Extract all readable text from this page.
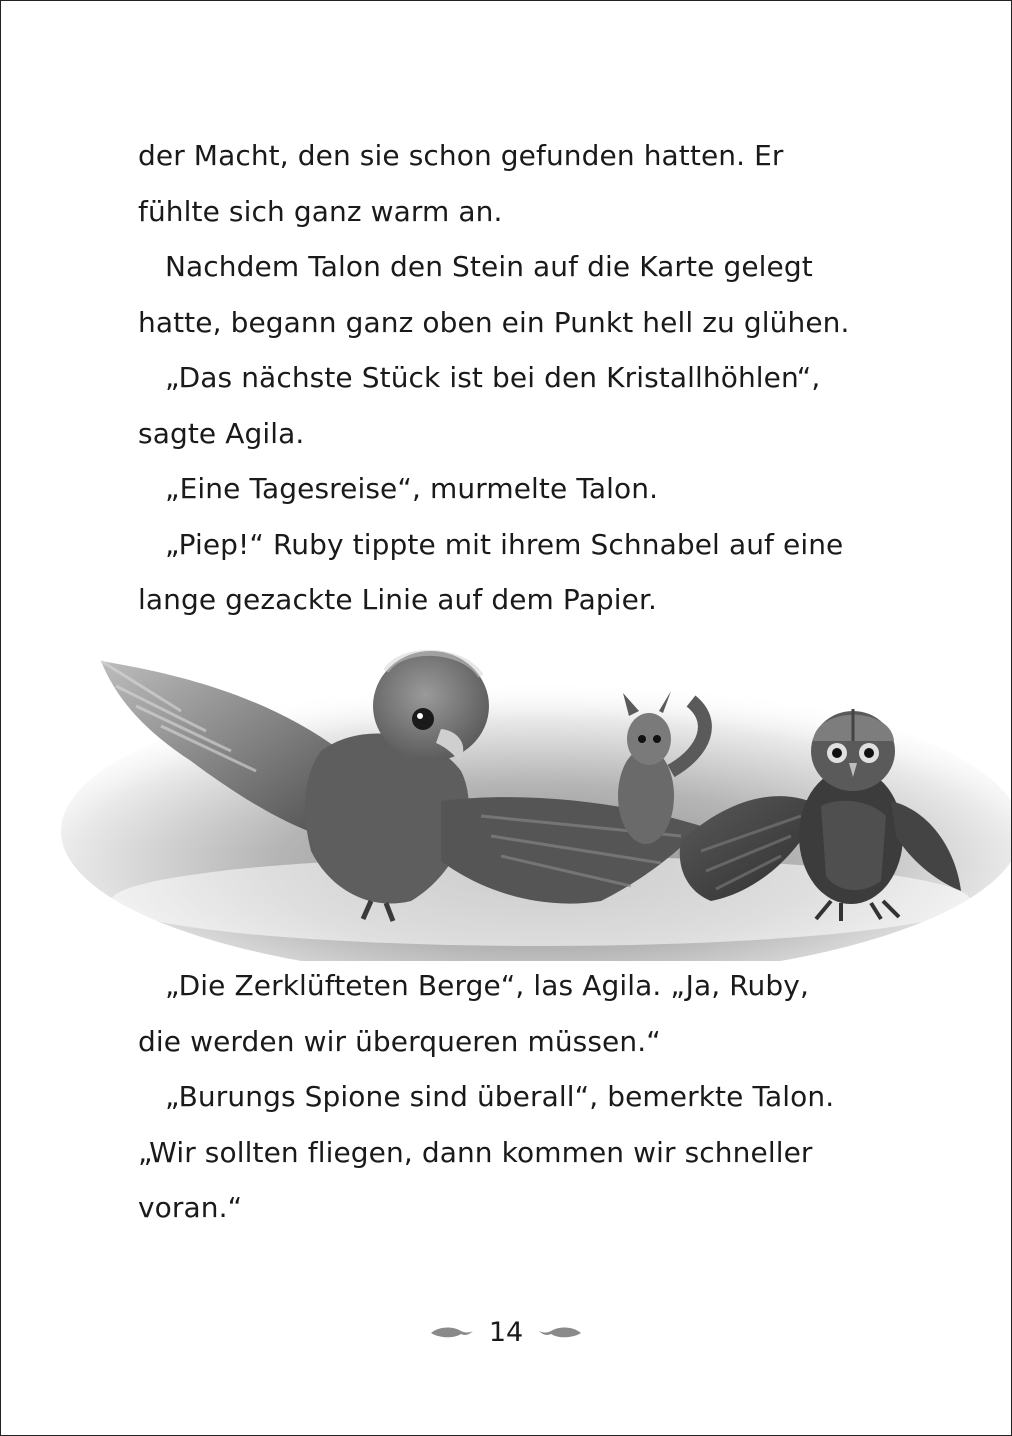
der Macht, den sie schon gefunden hatten. Er
fühlte sich ganz warm an.
Nachdem Talon den Stein auf die Karte gelegt
hatte, begann ganz oben ein Punkt hell zu glühen.
„Das nächste Stück ist bei den Kristallhöhlen“,
sagte Agila.
„Eine Tagesreise“, murmelte Talon.
„Piep!“ Ruby tippte mit ihrem Schnabel auf eine
lange gezackte Linie auf dem Papier.
„Die Zerklüfteten Berge“, las Agila. „Ja, Ruby,
die werden wir überqueren müssen.“
„Burungs Spione sind überall“, bemerkte Talon.
„Wir sollten fliegen, dann kommen wir schneller
voran.“
14
